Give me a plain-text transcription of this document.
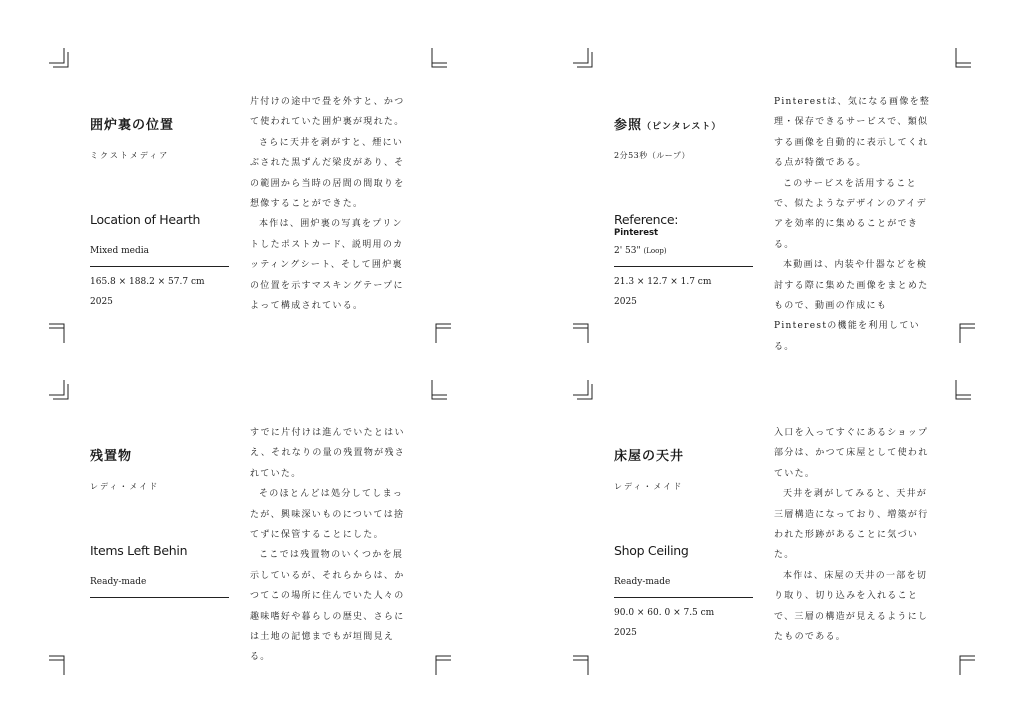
囲炉裏の位置
ミクストメディア
Location of Hearth
Mixed media
165.8 × 188.2 × 57.7 cm
2025

片付けの途中で畳を外すと、かつて使われていた囲炉裏が現れた。

さらに天井を剥がすと、煙にいぶされた黒ずんだ梁皮があり、その範囲から当時の居間の間取りを想像することができた。

本作は、囲炉裏の写真をプリントしたポストカード、説明用のカッティングシート、そして囲炉裏の位置を示すマスキングテープによって構成されている。

参照（ピンタレスト）
2分53秒（ループ）
Reference:
Pinterest
2' 53" (Loop)
21.3 × 12.7 × 1.7 cm
2025

Pinterestは、気になる画像を整理・保存できるサービスで、類似する画像を自動的に表示してくれる点が特徴である。

このサービスを活用することで、似たようなデザインのアイデアを効率的に集めることができる。

本動画は、内装や什器などを検討する際に集めた画像をまとめたもので、動画の作成にもPinterestの機能を利用している。

残置物
レディ・メイド
Items Left Behin
Ready-made

すでに片付けは進んでいたとはいえ、それなりの量の残置物が残されていた。

そのほとんどは処分してしまったが、興味深いものについては捨てずに保管することにした。

ここでは残置物のいくつかを展示しているが、それらからは、かつてこの場所に住んでいた人々の趣味嗜好や暮らしの歴史、さらには土地の記憶までもが垣間見える。

床屋の天井
レディ・メイド
Shop Ceiling
Ready-made
90.0 × 60. 0 × 7.5 cm
2025

入口を入ってすぐにあるショップ部分は、かつて床屋として使われていた。

天井を剥がしてみると、天井が三層構造になっており、増築が行われた形跡があることに気づいた。

本作は、床屋の天井の一部を切り取り、切り込みを入れることで、三層の構造が見えるようにしたものである。
